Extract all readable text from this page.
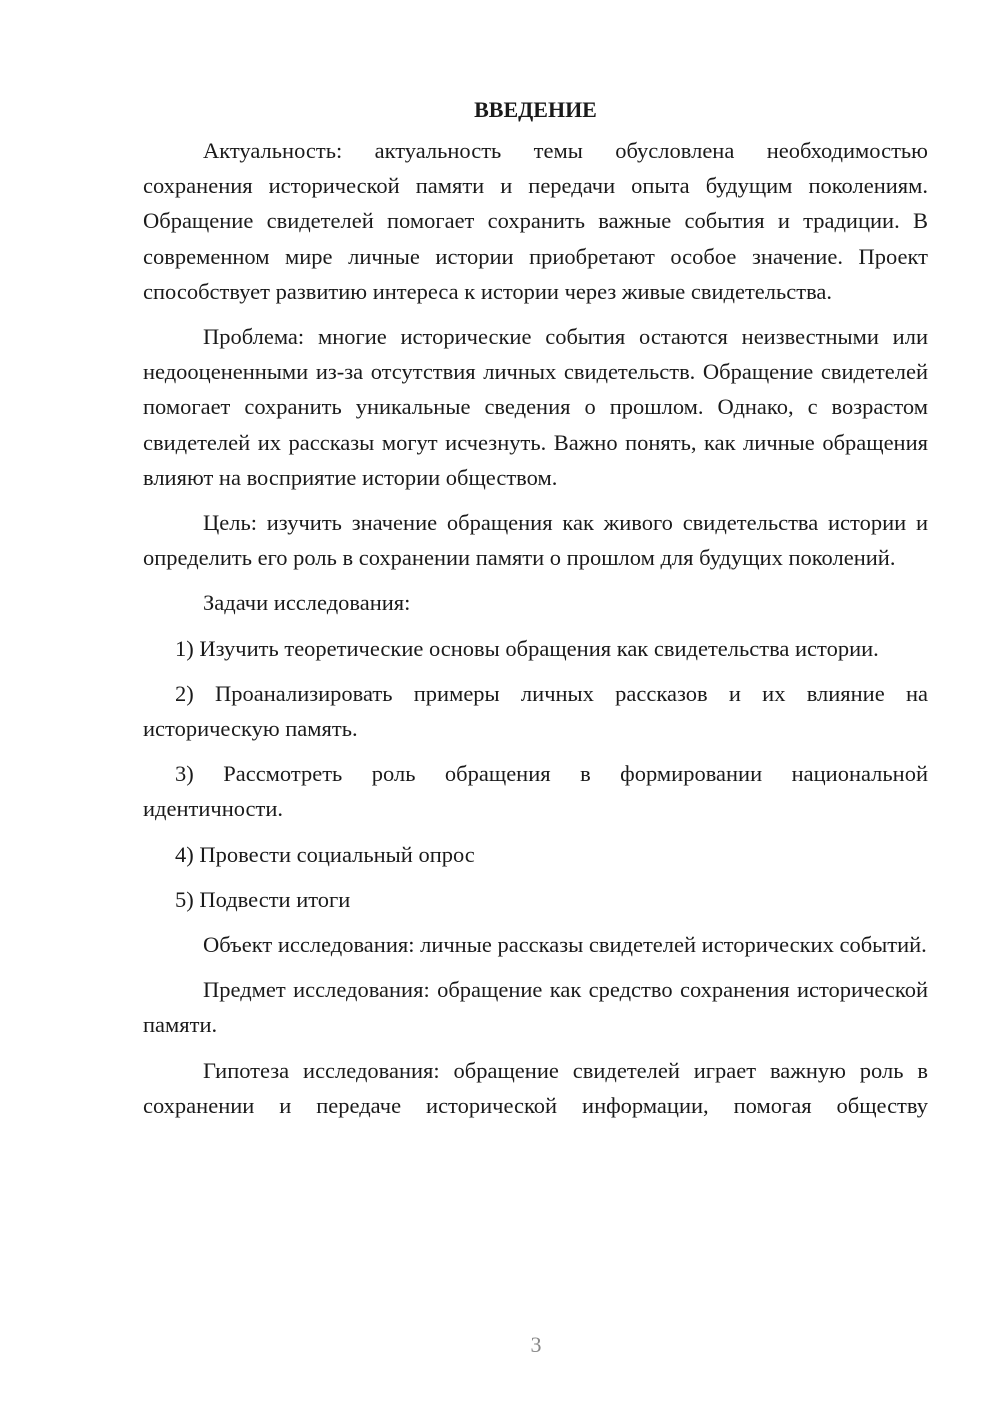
ВВЕДЕНИЕ

Актуальность: актуальность темы обусловлена необходимостью сохранения исторической памяти и передачи опыта будущим поколениям. Обращение свидетелей помогает сохранить важные события и традиции. В современном мире личные истории приобретают особое значение. Проект способствует развитию интереса к истории через живые свидетельства.

Проблема: многие исторические события остаются неизвестными или недооцененными из-за отсутствия личных свидетельств. Обращение свидетелей помогает сохранить уникальные сведения о прошлом. Однако, с возрастом свидетелей их рассказы могут исчезнуть. Важно понять, как личные обращения влияют на восприятие истории обществом.

Цель: изучить значение обращения как живого свидетельства истории и определить его роль в сохранении памяти о прошлом для будущих поколений.

Задачи исследования:

1) Изучить теоретические основы обращения как свидетельства истории.

2) Проанализировать примеры личных рассказов и их влияние на историческую память.

3) Рассмотреть роль обращения в формировании национальной идентичности.

4) Провести социальный опрос

5) Подвести итоги

Объект исследования: личные рассказы свидетелей исторических событий.

Предмет исследования: обращение как средство сохранения исторической памяти.

Гипотеза исследования: обращение свидетелей играет важную роль в сохранении и передаче исторической информации, помогая обществу

3
